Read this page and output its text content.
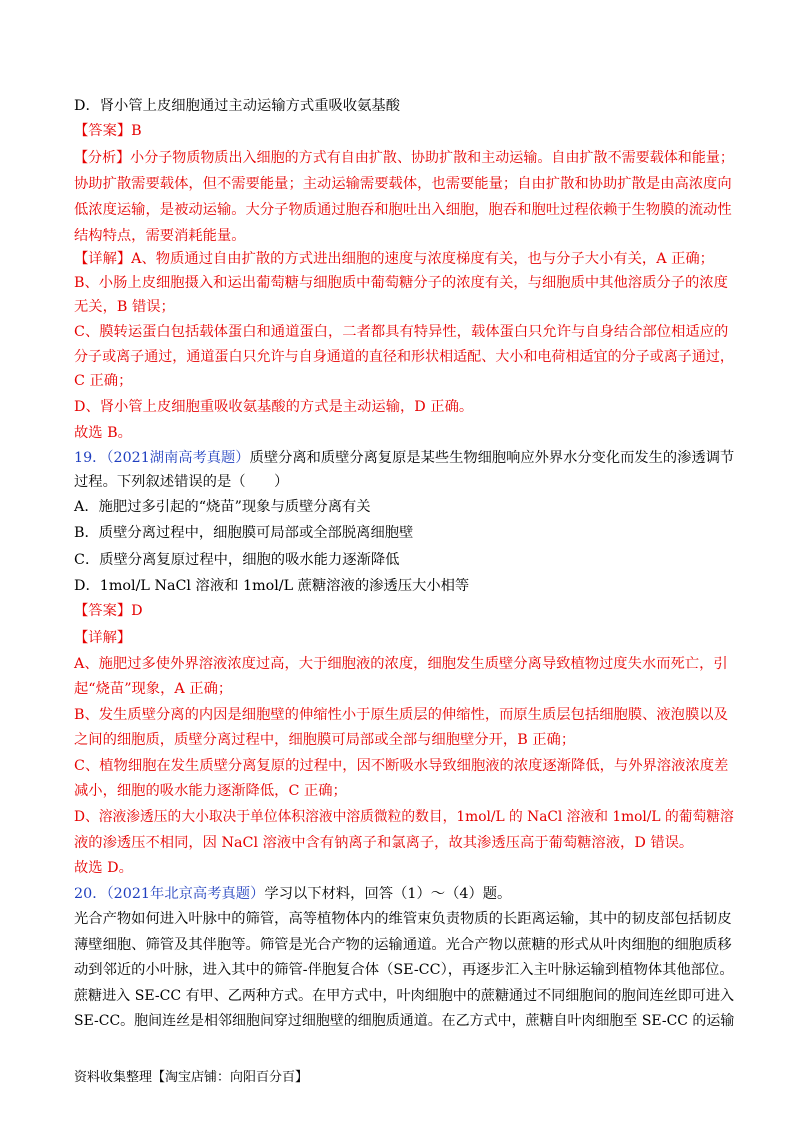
D．肾小管上皮细胞通过主动运输方式重吸收氨基酸
【答案】B
【分析】小分子物质物质出入细胞的方式有自由扩散、协助扩散和主动运输。自由扩散不需要载体和能量；
协助扩散需要载体，但不需要能量；主动运输需要载体，也需要能量；自由扩散和协助扩散是由高浓度向
低浓度运输，是被动运输。大分子物质通过胞吞和胞吐出入细胞，胞吞和胞吐过程依赖于生物膜的流动性
结构特点，需要消耗能量。
【详解】A、物质通过自由扩散的方式进出细胞的速度与浓度梯度有关，也与分子大小有关，A 正确；
B、小肠上皮细胞摄入和运出葡萄糖与细胞质中葡萄糖分子的浓度有关，与细胞质中其他溶质分子的浓度
无关，B 错误；
C、膜转运蛋白包括载体蛋白和通道蛋白，二者都具有特异性，载体蛋白只允许与自身结合部位相适应的
分子或离子通过，通道蛋白只允许与自身通道的直径和形状相适配、大小和电荷相适宜的分子或离子通过，
C 正确；
D、肾小管上皮细胞重吸收氨基酸的方式是主动运输，D 正确。
故选 B。
19．（2021湖南高考真题）质壁分离和质壁分离复原是某些生物细胞响应外界水分变化而发生的渗透调节
过程。下列叙述错误的是（　　）
A．施肥过多引起的“烧苗”现象与质壁分离有关
B．质壁分离过程中，细胞膜可局部或全部脱离细胞壁
C．质壁分离复原过程中，细胞的吸水能力逐渐降低
D．1mol/L NaCl 溶液和 1mol/L 蔗糖溶液的渗透压大小相等
【答案】D
【详解】
A、施肥过多使外界溶液浓度过高，大于细胞液的浓度，细胞发生质壁分离导致植物过度失水而死亡，引
起“烧苗”现象，A 正确；
B、发生质壁分离的内因是细胞壁的伸缩性小于原生质层的伸缩性，而原生质层包括细胞膜、液泡膜以及
之间的细胞质，质壁分离过程中，细胞膜可局部或全部与细胞壁分开，B 正确；
C、植物细胞在发生质壁分离复原的过程中，因不断吸水导致细胞液的浓度逐渐降低，与外界溶液浓度差
减小，细胞的吸水能力逐渐降低，C 正确；
D、溶液渗透压的大小取决于单位体积溶液中溶质微粒的数目，1mol/L 的 NaCl 溶液和 1mol/L 的葡萄糖溶
液的渗透压不相同，因 NaCl 溶液中含有钠离子和氯离子，故其渗透压高于葡萄糖溶液，D 错误。
故选 D。
20．（2021年北京高考真题）学习以下材料，回答（1）～（4）题。
光合产物如何进入叶脉中的筛管，高等植物体内的维管束负责物质的长距离运输，其中的韧皮部包括韧皮
薄壁细胞、筛管及其伴胞等。筛管是光合产物的运输通道。光合产物以蔗糖的形式从叶肉细胞的细胞质移
动到邻近的小叶脉，进入其中的筛管-伴胞复合体（SE-CC），再逐步汇入主叶脉运输到植物体其他部位。
蔗糖进入 SE-CC 有甲、乙两种方式。在甲方式中，叶肉细胞中的蔗糖通过不同细胞间的胞间连丝即可进入
SE-CC。胞间连丝是相邻细胞间穿过细胞壁的细胞质通道。在乙方式中，蔗糖自叶肉细胞至 SE-CC 的运输
资料收集整理【淘宝店铺：向阳百分百】
